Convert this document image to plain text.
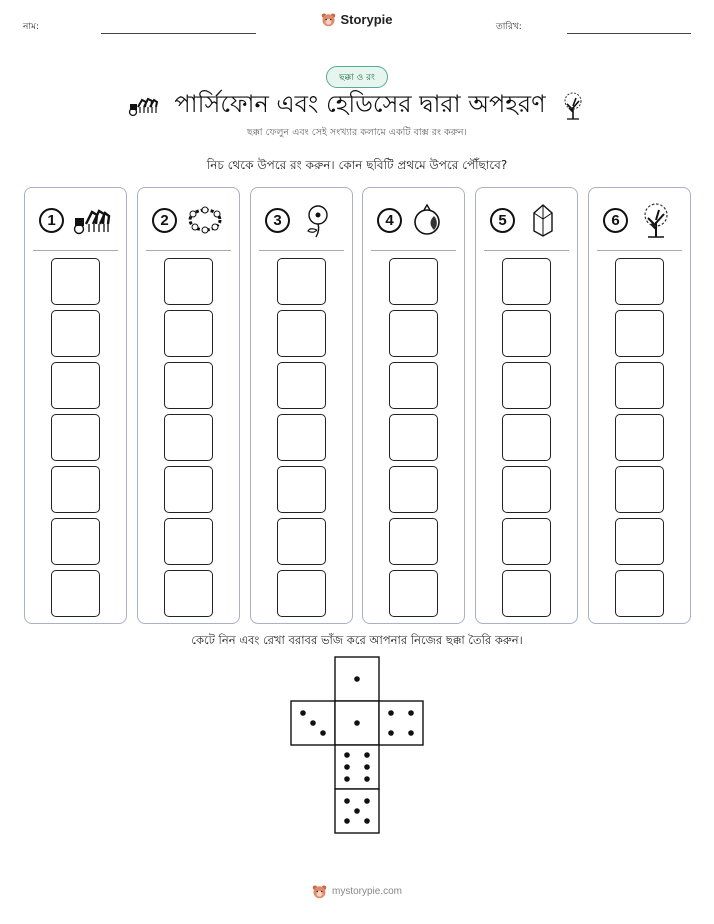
নাম:	Storypie	তারিখ:
ছক্কা ও রং
পার্সিফোন এবং হেডিসের দ্বারা অপহরণ
ছক্কা ফেলুন এবং সেই সংখ্যার কলামে একটি বাক্স রং করুন।
নিচ থেকে উপরে রং করুন। কোন ছবিটি প্রথমে উপরে পৌঁছাবে?
1	2	3	4	5	6
কেটে নিন এবং রেখা বরাবর ভাঁজ করে আপনার নিজের ছক্কা তৈরি করুন।
mystorypie.com
